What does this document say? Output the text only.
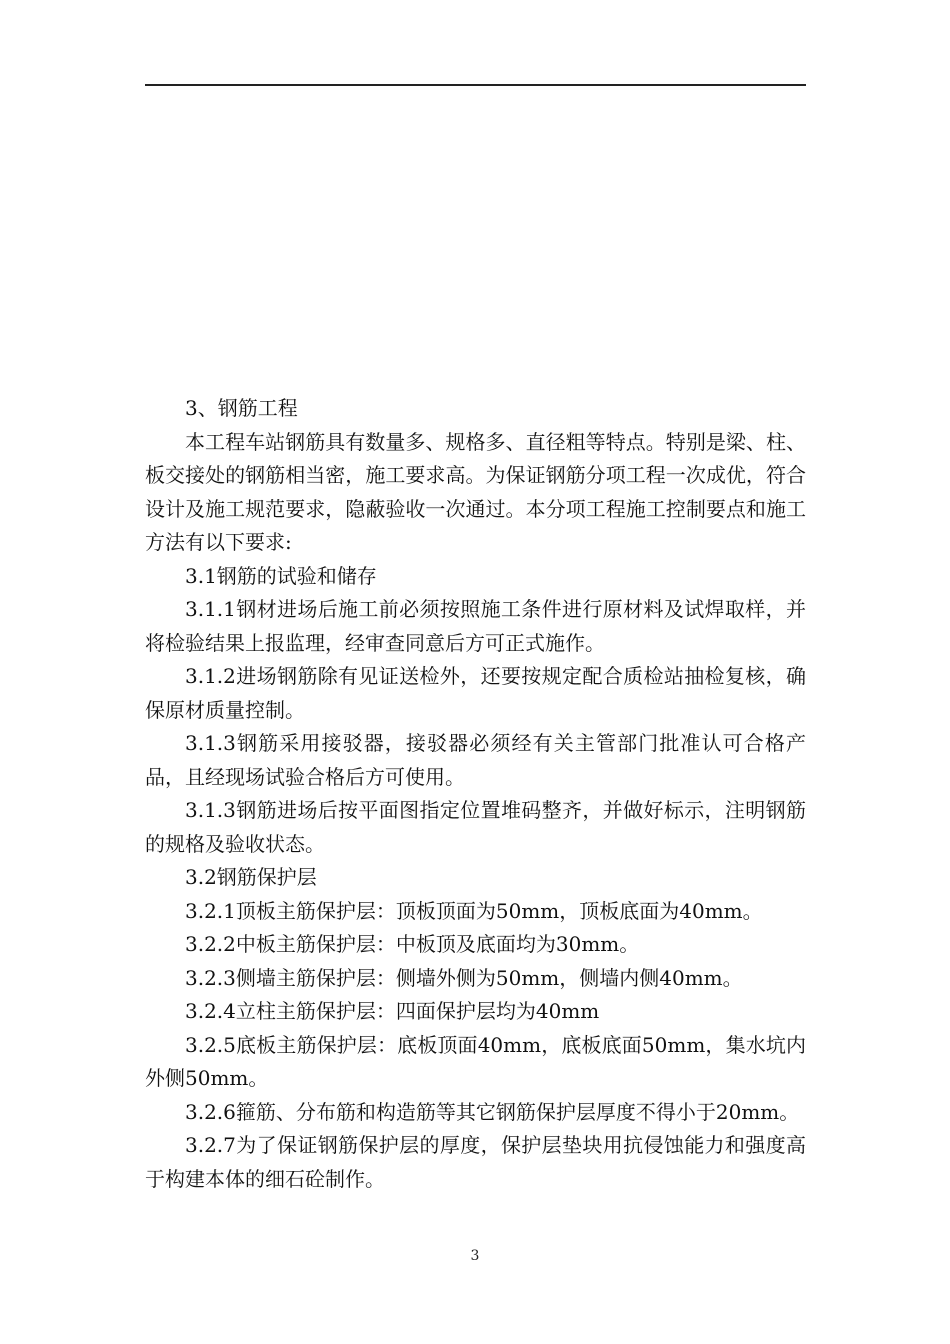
3、钢筋工程

本工程车站钢筋具有数量多、规格多、直径粗等特点。特别是梁、柱、板交接处的钢筋相当密，施工要求高。为保证钢筋分项工程一次成优，符合设计及施工规范要求，隐蔽验收一次通过。本分项工程施工控制要点和施工方法有以下要求:

3.1钢筋的试验和储存

3.1.1钢材进场后施工前必须按照施工条件进行原材料及试焊取样，并将检验结果上报监理，经审查同意后方可正式施作。

3.1.2进场钢筋除有见证送检外，还要按规定配合质检站抽检复核，确保原材质量控制。

3.1.3钢筋采用接驳器，接驳器必须经有关主管部门批准认可合格产品，且经现场试验合格后方可使用。

3.1.3钢筋进场后按平面图指定位置堆码整齐，并做好标示，注明钢筋的规格及验收状态。

3.2钢筋保护层

3.2.1顶板主筋保护层：顶板顶面为50mm，顶板底面为40mm。

3.2.2中板主筋保护层：中板顶及底面均为30mm。

3.2.3侧墙主筋保护层：侧墙外侧为50mm，侧墙内侧40mm。

3.2.4立柱主筋保护层：四面保护层均为40mm

3.2.5底板主筋保护层：底板顶面40mm，底板底面50mm，集水坑内外侧50mm。

3.2.6箍筋、分布筋和构造筋等其它钢筋保护层厚度不得小于20mm。

3.2.7为了保证钢筋保护层的厚度，保护层垫块用抗侵蚀能力和强度高于构建本体的细石砼制作。

3
